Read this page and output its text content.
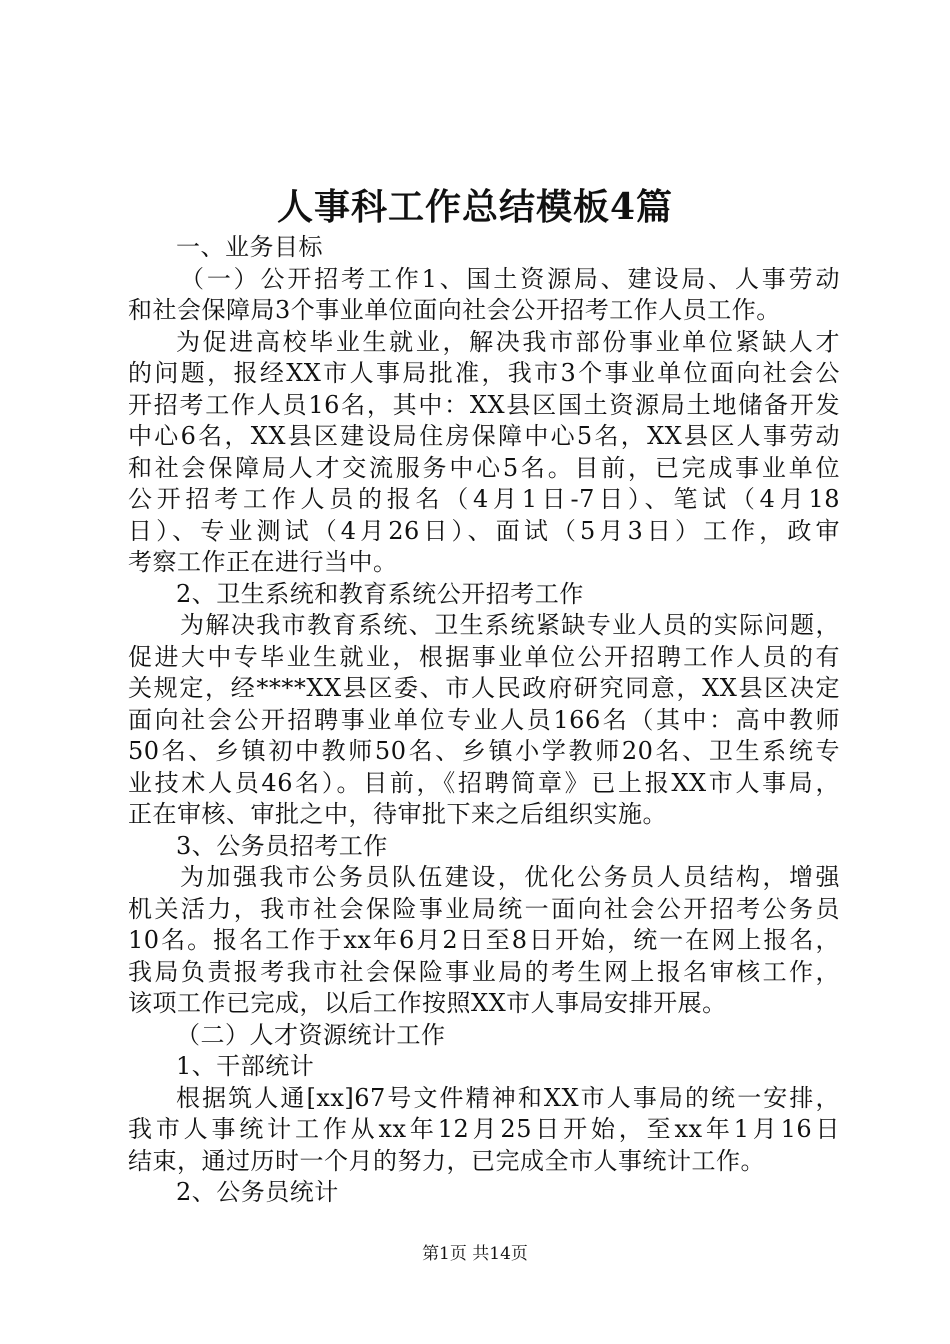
人事科工作总结模板4篇
一、业务目标
（一）公开招考工作1、国土资源局、建设局、人事劳动
和社会保障局3个事业单位面向社会公开招考工作人员工作。
为促进高校毕业生就业，解决我市部份事业单位紧缺人才
的问题，报经XX市人事局批准，我市3个事业单位面向社会公
开招考工作人员16名，其中：XX县区国土资源局土地储备开发
中心6名，XX县区建设局住房保障中心5名，XX县区人事劳动
和社会保障局人才交流服务中心5名。目前，已完成事业单位
公开招考工作人员的报名（4月1日-7日）、笔试（4月18
日）、专业测试（4月26日）、面试（5月3日）工作，政审
考察工作正在进行当中。
2、卫生系统和教育系统公开招考工作
为解决我市教育系统、卫生系统紧缺专业人员的实际问题，
促进大中专毕业生就业，根据事业单位公开招聘工作人员的有
关规定，经****XX县区委、市人民政府研究同意，XX县区决定
面向社会公开招聘事业单位专业人员166名（其中：高中教师
50名、乡镇初中教师50名、乡镇小学教师20名、卫生系统专
业技术人员46名）。目前，《招聘简章》已上报XX市人事局，
正在审核、审批之中，待审批下来之后组织实施。
3、公务员招考工作
为加强我市公务员队伍建设，优化公务员人员结构，增强
机关活力，我市社会保险事业局统一面向社会公开招考公务员
10名。报名工作于xx年6月2日至8日开始，统一在网上报名，
我局负责报考我市社会保险事业局的考生网上报名审核工作，
该项工作已完成，以后工作按照XX市人事局安排开展。
（二）人才资源统计工作
1、干部统计
根据筑人通[xx]67号文件精神和XX市人事局的统一安排，
我市人事统计工作从xx年12月25日开始，至xx年1月16日
结束，通过历时一个月的努力，已完成全市人事统计工作。
2、公务员统计
第1页 共14页
